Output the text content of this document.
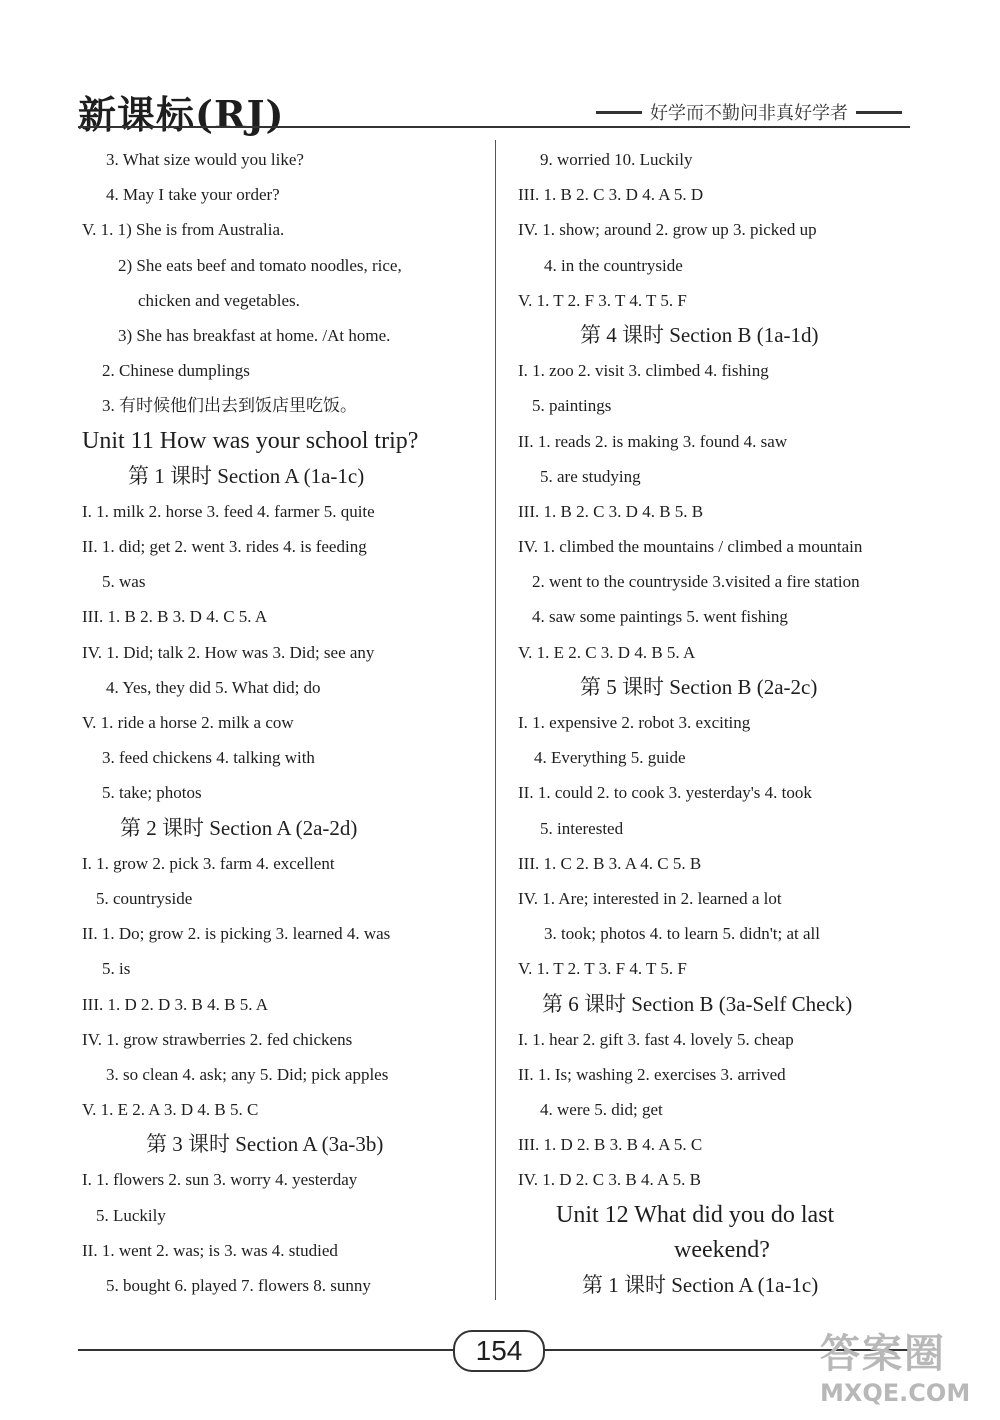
新课标(RJ)	好学而不勤问非真好学者
3. What size would you like?
4. May I take your order?
V. 1. 1) She is from Australia.
2) She eats beef and tomato noodles, rice,
chicken and vegetables.
3) She has breakfast at home. /At home.
2. Chinese dumplings
3. 有时候他们出去到饭店里吃饭。
Unit 11 How was your school trip?
第 1 课时 Section A (1a-1c)
I. 1. milk 2. horse 3. feed 4. farmer 5. quite
II. 1. did; get 2. went 3. rides 4. is feeding
5. was
III. 1. B 2. B 3. D 4. C 5. A
IV. 1. Did; talk 2. How was 3. Did; see any
4. Yes, they did 5. What did; do
V. 1. ride a horse 2. milk a cow
3. feed chickens 4. talking with
5. take; photos
第 2 课时 Section A (2a-2d)
I. 1. grow 2. pick 3. farm 4. excellent
5. countryside
II. 1. Do; grow 2. is picking 3. learned 4. was
5. is
III. 1. D 2. D 3. B 4. B 5. A
IV. 1. grow strawberries 2. fed chickens
3. so clean 4. ask; any 5. Did; pick apples
V. 1. E 2. A 3. D 4. B 5. C
第 3 课时 Section A (3a-3b)
I. 1. flowers 2. sun 3. worry 4. yesterday
5. Luckily
II. 1. went 2. was; is 3. was 4. studied
5. bought 6. played 7. flowers 8. sunny
9. worried 10. Luckily
III. 1. B 2. C 3. D 4. A 5. D
IV. 1. show; around 2. grow up 3. picked up
4. in the countryside
V. 1. T 2. F 3. T 4. T 5. F
第 4 课时 Section B (1a-1d)
I. 1. zoo 2. visit 3. climbed 4. fishing
5. paintings
II. 1. reads 2. is making 3. found 4. saw
5. are studying
III. 1. B 2. C 3. D 4. B 5. B
IV. 1. climbed the mountains / climbed a mountain
2. went to the countryside 3.visited a fire station
4. saw some paintings 5. went fishing
V. 1. E 2. C 3. D 4. B 5. A
第 5 课时 Section B (2a-2c)
I. 1. expensive 2. robot 3. exciting
4. Everything 5. guide
II. 1. could 2. to cook 3. yesterday's 4. took
5. interested
III. 1. C 2. B 3. A 4. C 5. B
IV. 1. Are; interested in 2. learned a lot
3. took; photos 4. to learn 5. didn't; at all
V. 1. T 2. T 3. F 4. T 5. F
第 6 课时 Section B (3a-Self Check)
I. 1. hear 2. gift 3. fast 4. lovely 5. cheap
II. 1. Is; washing 2. exercises 3. arrived
4. were 5. did; get
III. 1. D 2. B 3. B 4. A 5. C
IV. 1. D 2. C 3. B 4. A 5. B
Unit 12 What did you do last
weekend?
第 1 课时 Section A (1a-1c)
154	答案圈
MXQE.COM
